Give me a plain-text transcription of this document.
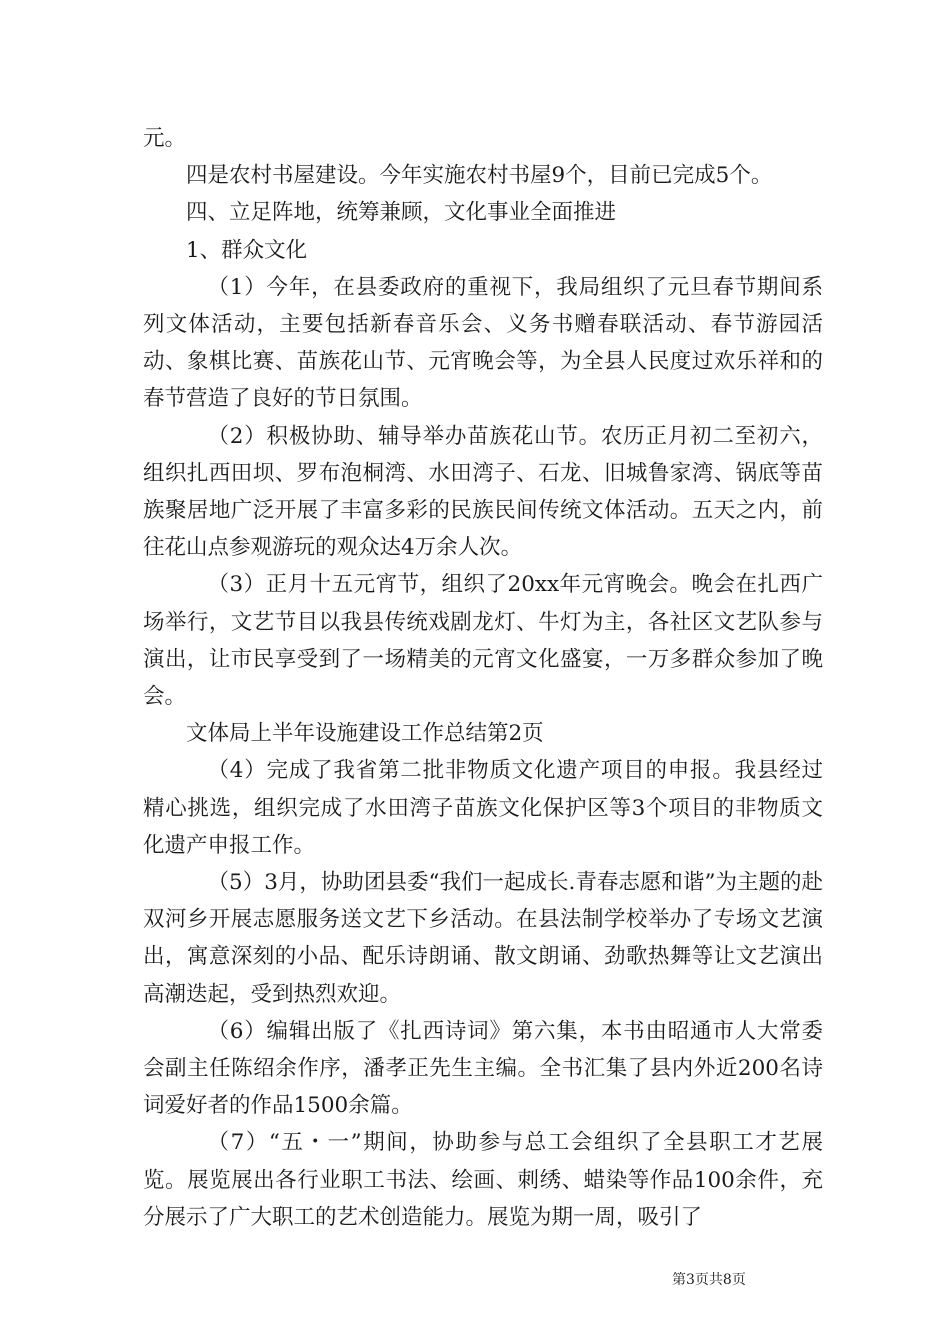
元。

四是农村书屋建设。今年实施农村书屋9个，目前已完成5个。

四、立足阵地，统筹兼顾，文化事业全面推进

1、群众文化

（1）今年，在县委政府的重视下，我局组织了元旦春节期间系列文体活动，主要包括新春音乐会、义务书赠春联活动、春节游园活动、象棋比赛、苗族花山节、元宵晚会等，为全县人民度过欢乐祥和的春节营造了良好的节日氛围。

（2）积极协助、辅导举办苗族花山节。农历正月初二至初六，组织扎西田坝、罗布泡桐湾、水田湾子、石龙、旧城鲁家湾、锅底等苗族聚居地广泛开展了丰富多彩的民族民间传统文体活动。五天之内，前往花山点参观游玩的观众达4万余人次。

（3）正月十五元宵节，组织了20xx年元宵晚会。晚会在扎西广场举行，文艺节目以我县传统戏剧龙灯、牛灯为主，各社区文艺队参与演出，让市民享受到了一场精美的元宵文化盛宴，一万多群众参加了晚会。

文体局上半年设施建设工作总结第2页

（4）完成了我省第二批非物质文化遗产项目的申报。我县经过精心挑选，组织完成了水田湾子苗族文化保护区等3个项目的非物质文化遗产申报工作。

（5）3月，协助团县委“我们一起成长.青春志愿和谐”为主题的赴双河乡开展志愿服务送文艺下乡活动。在县法制学校举办了专场文艺演出，寓意深刻的小品、配乐诗朗诵、散文朗诵、劲歌热舞等让文艺演出高潮迭起，受到热烈欢迎。

（6）编辑出版了《扎西诗词》第六集，本书由昭通市人大常委会副主任陈绍余作序，潘孝正先生主编。全书汇集了县内外近200名诗词爱好者的作品1500余篇。

（7）“五・一”期间，协助参与总工会组织了全县职工才艺展览。展览展出各行业职工书法、绘画、刺绣、蜡染等作品100余件，充分展示了广大职工的艺术创造能力。展览为期一周，吸引了

第3页共8页
